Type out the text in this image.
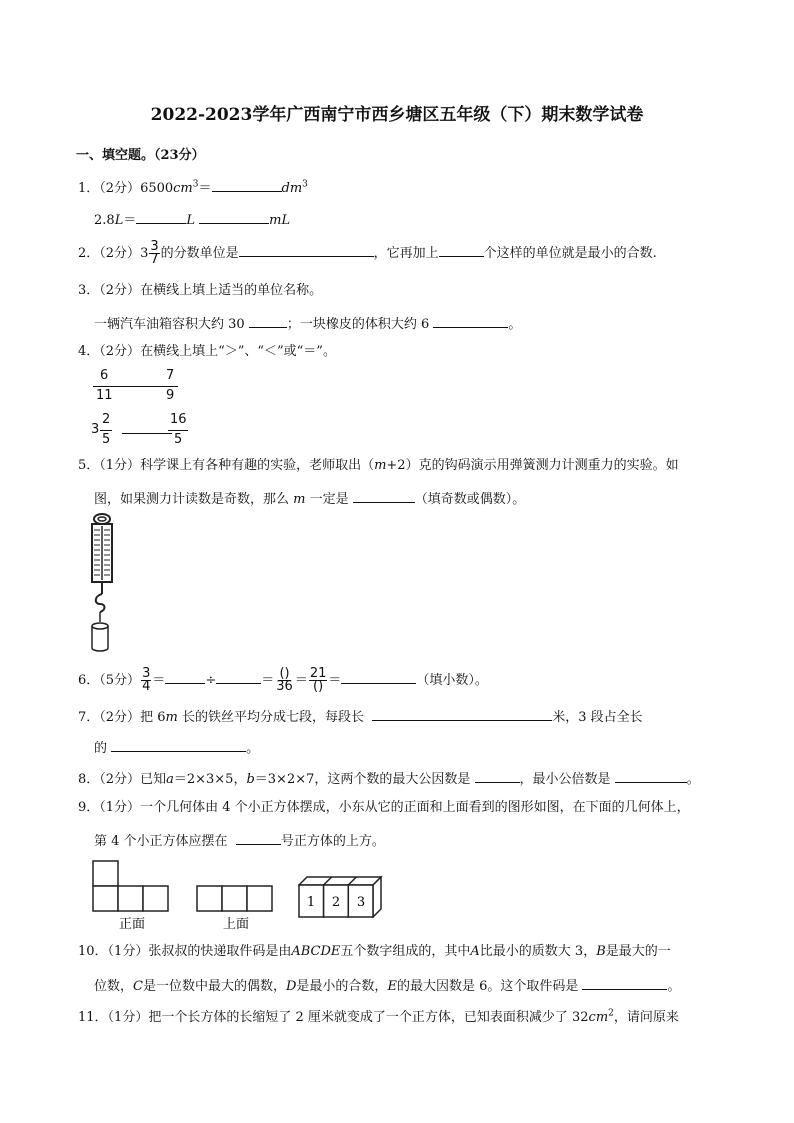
2022-2023学年广西南宁市西乡塘区五年级（下）期末数学试卷
一、填空题。（23分）
1．（2分）$6500cm^3=$	$dm^3$
2.8L＝	L	mL
2．（2分）$3 \frac{3}{7}$ 的分数单位是	，它再加上	个这样的单位就是最小的合数.
3．（2分）在横线上填上适当的单位名称。
一辆汽车油箱容积大约 30	；一块橡皮的体积大约 6	。
4．（2分）在横线上填上“＞”、“＜”或“＝”。
6
11
7
9
3
2
5
16
5
5．（1分）科学课上有各种有趣的实验，老师取出（m+2）克的钩码演示用弹簧测力计测重力的实验。如
图，如果测力计读数是奇数，那么 m 一定是	（填奇数或偶数）。
6．（5分） $\frac{3}{4}$ ＝	÷	＝ $\frac{()}{36} = \frac{21}{()}$ ＝	（填小数）。
7．（2分）把 6m 长的铁丝平均分成七段，每段长	米，3 段占全长
的	。
8．（2分）已知a＝2×3×5，b＝3×2×7，这两个数的最大公因数是	，最小公倍数是	。
9．（1分）一个几何体由 4 个小正方体摆成，小东从它的正面和上面看到的图形如图，在下面的几何体上，
第 4 个小正方体应摆在	号正方体的上方。
正面	上面
1 2 3
10．（1分）张叔叔的快递取件码是由ABCDE五个数字组成的，其中A比最小的质数大 3，B是最大的一
位数，C是一位数中最大的偶数，D是最小的合数，E的最大因数是 6。这个取件码是	。
11．（1分）把一个长方体的长缩短了 2 厘米就变成了一个正方体，已知表面积减少了 $32cm^2$，请问原来
